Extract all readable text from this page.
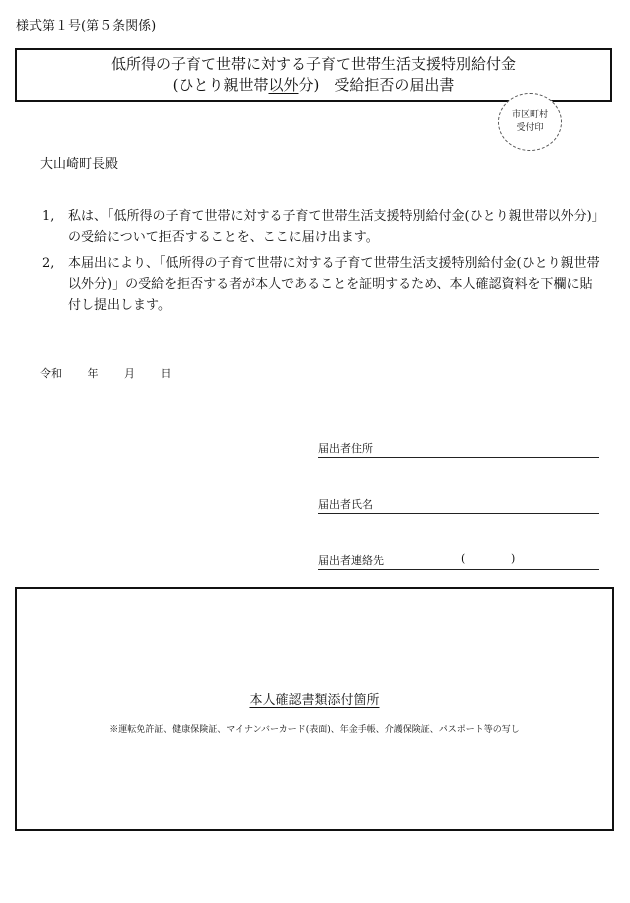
様式第１号(第５条関係)
低所得の子育て世帯に対する子育て世帯生活支援特別給付金
(ひとり親世帯以外分)　受給拒否の届出書
市区町村
受付印
大山崎町長殿
1, 私は、「低所得の子育て世帯に対する子育て世帯生活支援特別給付金(ひとり親世帯以外分)」の受給について拒否することを、ここに届け出ます。
2, 本届出により、「低所得の子育て世帯に対する子育て世帯生活支援特別給付金(ひとり親世帯以外分)」の受給を拒否する者が本人であることを証明するため、本人確認資料を下欄に貼付し提出します。
令和 年 月 日
届出者住所
届出者氏名
届出者連絡先	(	)
本人確認書類添付箇所
※運転免許証、健康保険証、マイナンバーカード(表面)、年金手帳、介護保険証、パスポート等の写し
